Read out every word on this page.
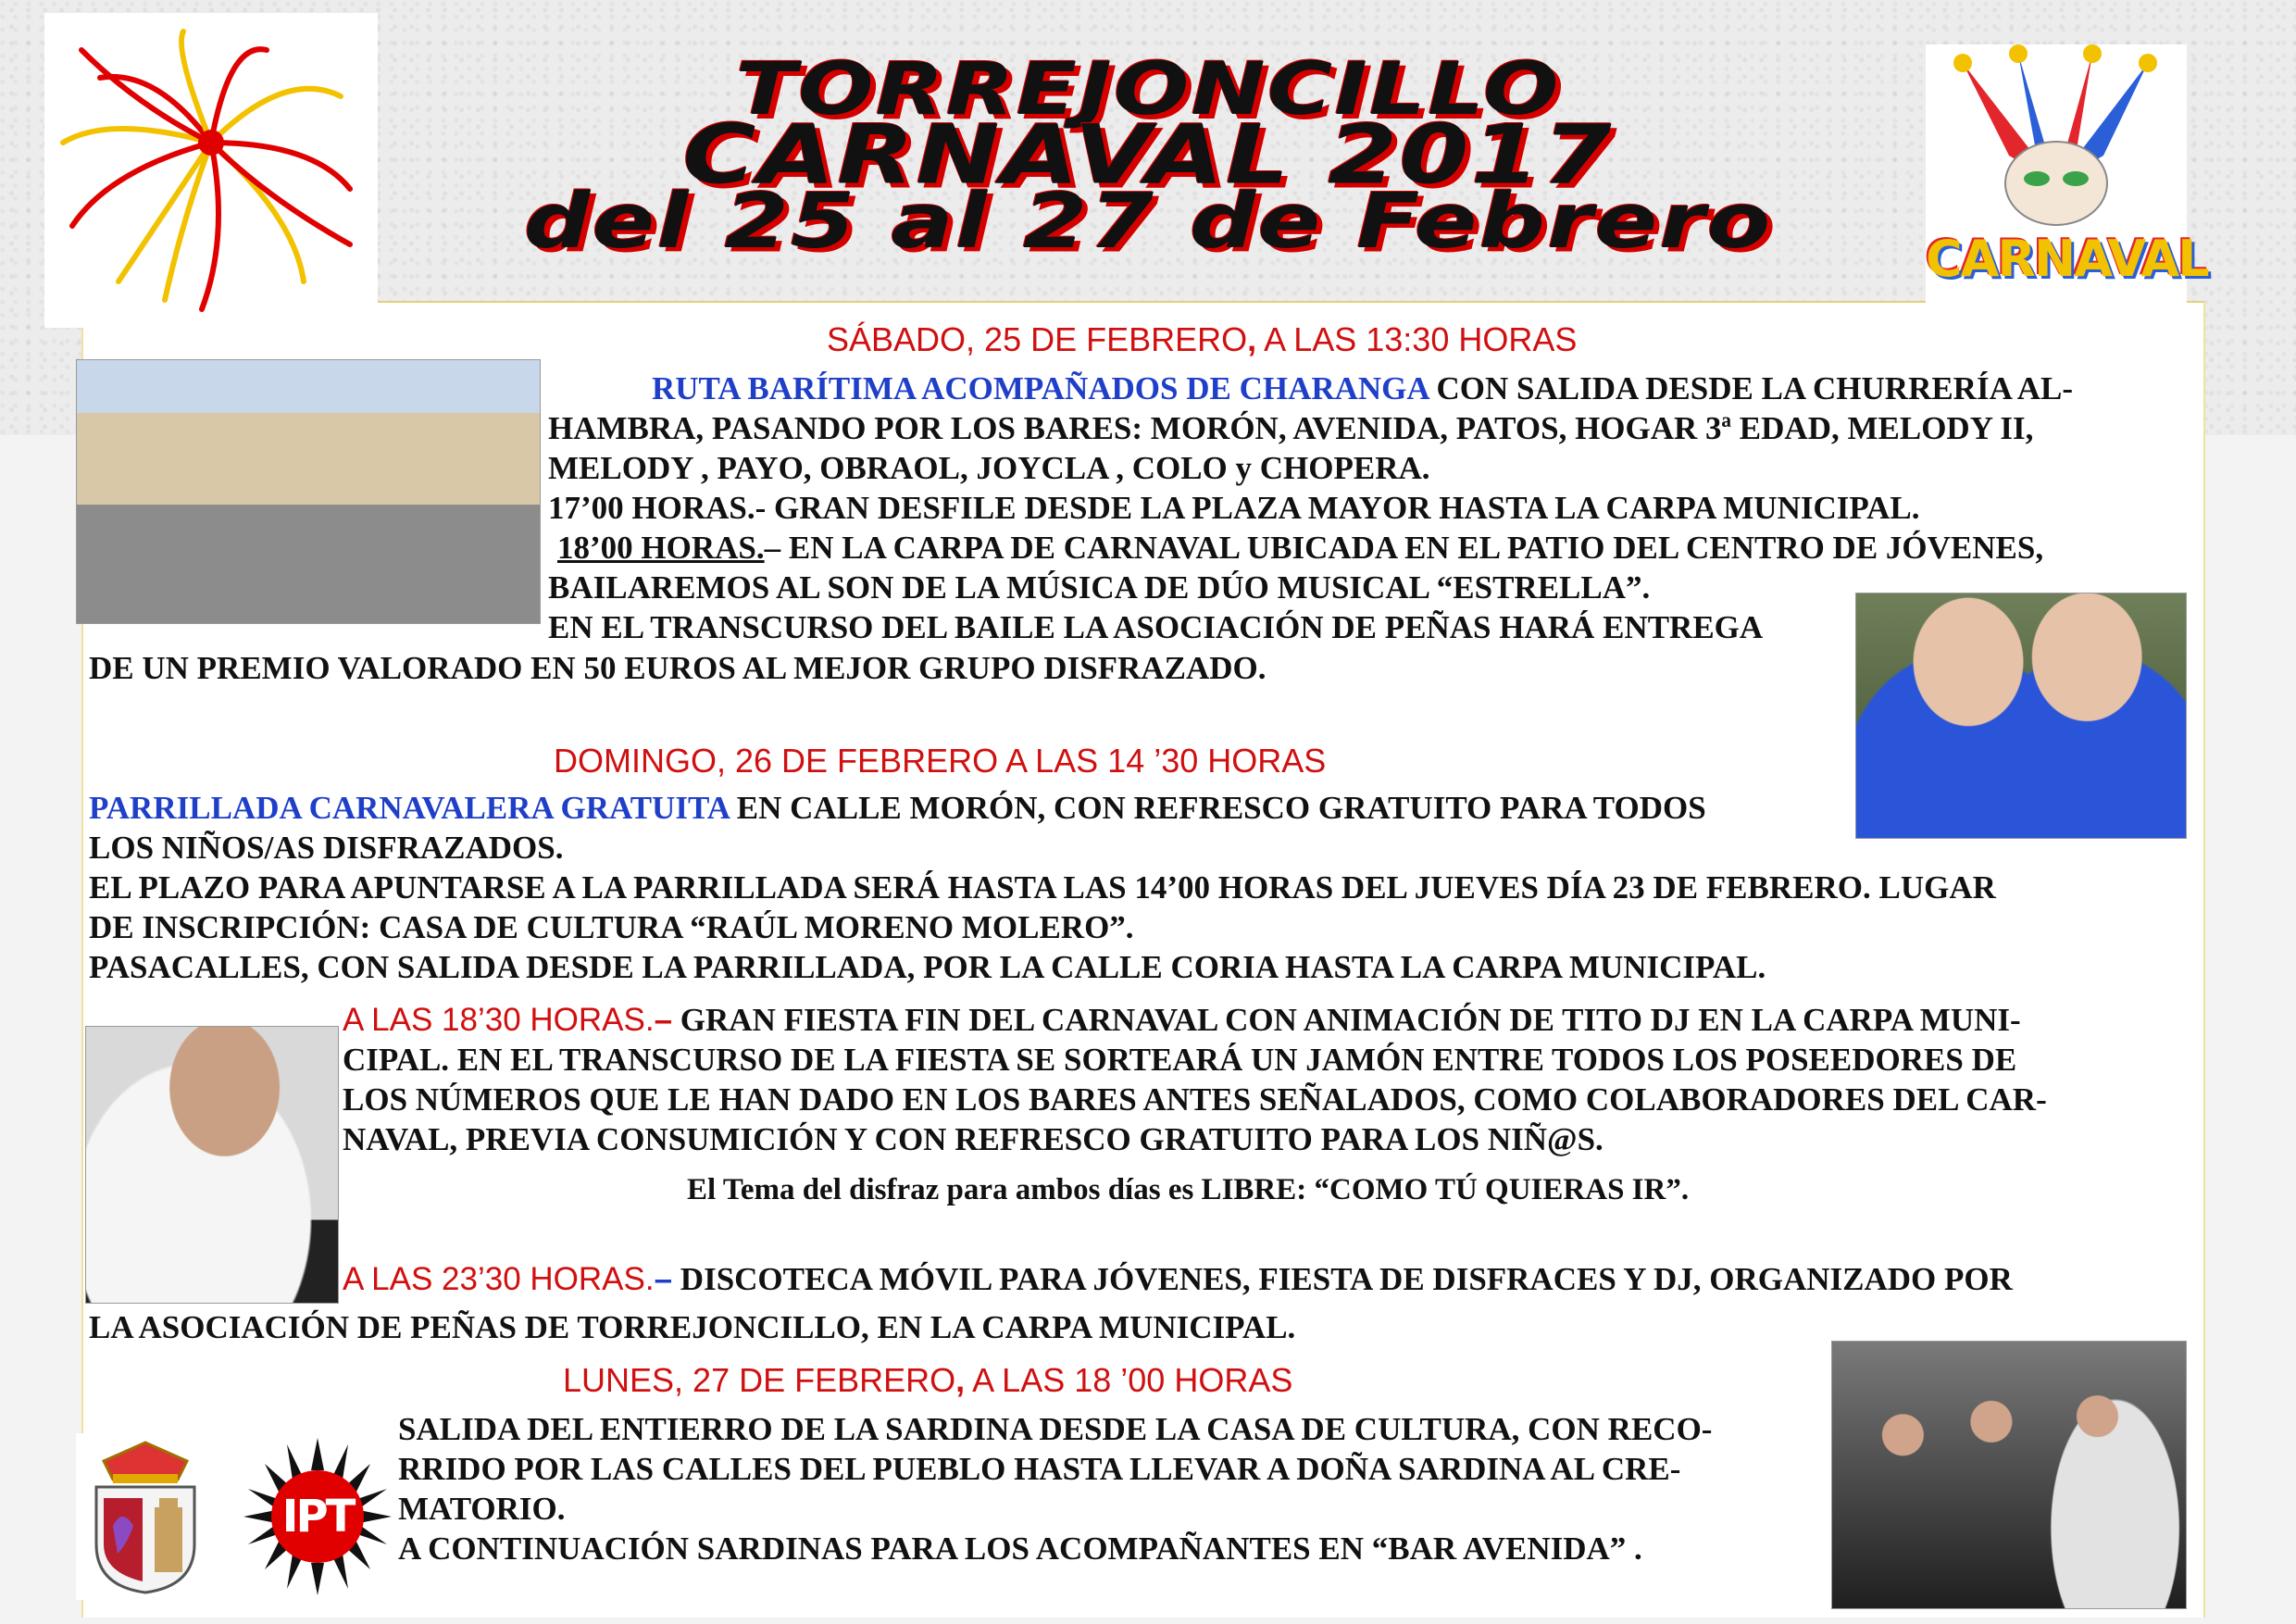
TORREJONCILLO
CARNAVAL 2017
del 25 al 27 de Febrero	CARNAVAL
SÁBADO, 25 DE FEBRERO, A LAS 13:30 HORAS
RUTA BARÍTIMA ACOMPAÑADOS DE CHARANGA CON SALIDA DESDE LA CHURRERÍA AL-
HAMBRA, PASANDO POR LOS BARES: MORÓN, AVENIDA, PATOS, HOGAR 3ª EDAD, MELODY II,
MELODY , PAYO, OBRAOL, JOYCLA , COLO y CHOPERA.
17’00 HORAS.- GRAN DESFILE DESDE LA PLAZA MAYOR HASTA LA CARPA MUNICIPAL.
18’00 HORAS.– EN LA CARPA DE CARNAVAL UBICADA EN EL PATIO DEL CENTRO DE JÓVENES,
BAILAREMOS AL SON DE LA MÚSICA DE DÚO MUSICAL “ESTRELLA”.
EN EL TRANSCURSO DEL BAILE LA ASOCIACIÓN DE PEÑAS HARÁ ENTREGA
DE UN PREMIO VALORADO EN 50 EUROS AL MEJOR GRUPO DISFRAZADO.
DOMINGO, 26 DE FEBRERO A LAS 14 ’30 HORAS
PARRILLADA CARNAVALERA GRATUITA EN CALLE MORÓN, CON REFRESCO GRATUITO PARA TODOS
LOS NIÑOS/AS DISFRAZADOS.
EL PLAZO PARA APUNTARSE A LA PARRILLADA SERÁ HASTA LAS 14’00 HORAS DEL JUEVES DÍA 23 DE FEBRERO. LUGAR
DE INSCRIPCIÓN: CASA DE CULTURA “RAÚL MORENO MOLERO”.
PASACALLES, CON SALIDA DESDE LA PARRILLADA, POR LA CALLE CORIA HASTA LA CARPA MUNICIPAL.
A LAS 18’30 HORAS.– GRAN FIESTA FIN DEL CARNAVAL CON ANIMACIÓN DE TITO DJ EN LA CARPA MUNI-
CIPAL. EN EL TRANSCURSO DE LA FIESTA SE SORTEARÁ UN JAMÓN ENTRE TODOS LOS POSEEDORES DE
LOS NÚMEROS QUE LE HAN DADO EN LOS BARES ANTES SEÑALADOS, COMO COLABORADORES DEL CAR-
NAVAL, PREVIA CONSUMICIÓN Y CON REFRESCO GRATUITO PARA LOS NIÑ@S.
El Tema del disfraz para ambos días es LIBRE: “COMO TÚ QUIERAS IR”.
A LAS 23’30 HORAS.– DISCOTECA MÓVIL PARA JÓVENES, FIESTA DE DISFRACES Y DJ, ORGANIZADO POR
LA ASOCIACIÓN DE PEÑAS DE TORREJONCILLO, EN LA CARPA MUNICIPAL.
LUNES, 27 DE FEBRERO, A LAS 18 ’00 HORAS
IPT
SALIDA DEL ENTIERRO DE LA SARDINA DESDE LA CASA DE CULTURA, CON RECO-
RRIDO POR LAS CALLES DEL PUEBLO HASTA LLEVAR A DOÑA SARDINA AL CRE-
MATORIO.
A CONTINUACIÓN SARDINAS PARA LOS ACOMPAÑANTES EN “BAR AVENIDA” .
